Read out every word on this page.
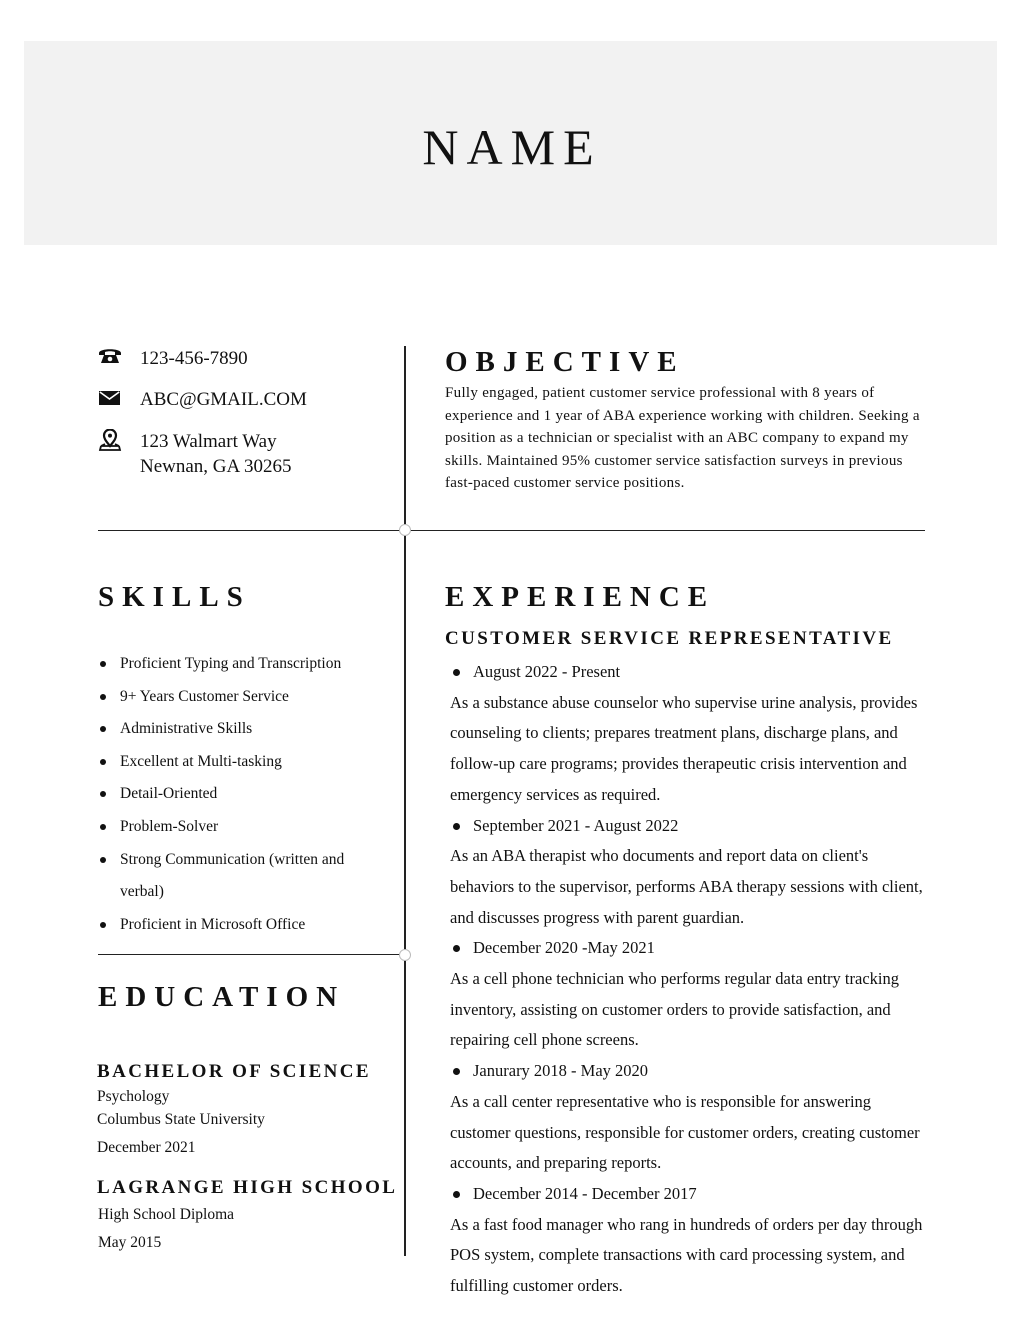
NAME
123-456-7890
ABC@GMAIL.COM
123 Walmart Way
Newnan, GA 30265
OBJECTIVE
Fully engaged, patient customer service professional with 8 years of experience and 1 year of ABA experience working with children. Seeking a position as a technician or specialist with an ABC company to expand my skills. Maintained 95% customer service satisfaction surveys in previous fast-paced customer service positions.
SKILLS
Proficient Typing and Transcription
9+ Years Customer Service
Administrative Skills
Excellent at Multi-tasking
Detail-Oriented
Problem-Solver
Strong Communication (written and verbal)
Proficient in Microsoft Office
EDUCATION
BACHELOR OF SCIENCE
Psychology
Columbus State University
December 2021
LAGRANGE HIGH SCHOOL
High School Diploma
May 2015
EXPERIENCE
CUSTOMER SERVICE REPRESENTATIVE
August 2022 - Present
As a substance abuse counselor who supervise urine analysis, provides counseling to clients; prepares treatment plans, discharge plans, and follow-up care programs; provides therapeutic crisis intervention and emergency services as required.
September 2021 - August 2022
As an ABA therapist who documents and report data on client's behaviors to the supervisor, performs ABA therapy sessions with client, and discusses progress with parent guardian.
December 2020 -May 2021
As a cell phone technician who performs regular data entry tracking inventory, assisting on customer orders to provide satisfaction, and repairing cell phone screens.
Janurary 2018 - May 2020
As a call center representative who is responsible for answering customer questions, responsible for customer orders, creating customer accounts, and preparing reports.
December 2014 - December 2017
As a fast food manager who rang in hundreds of orders per day through POS system, complete transactions with card processing system, and fulfilling customer orders.
